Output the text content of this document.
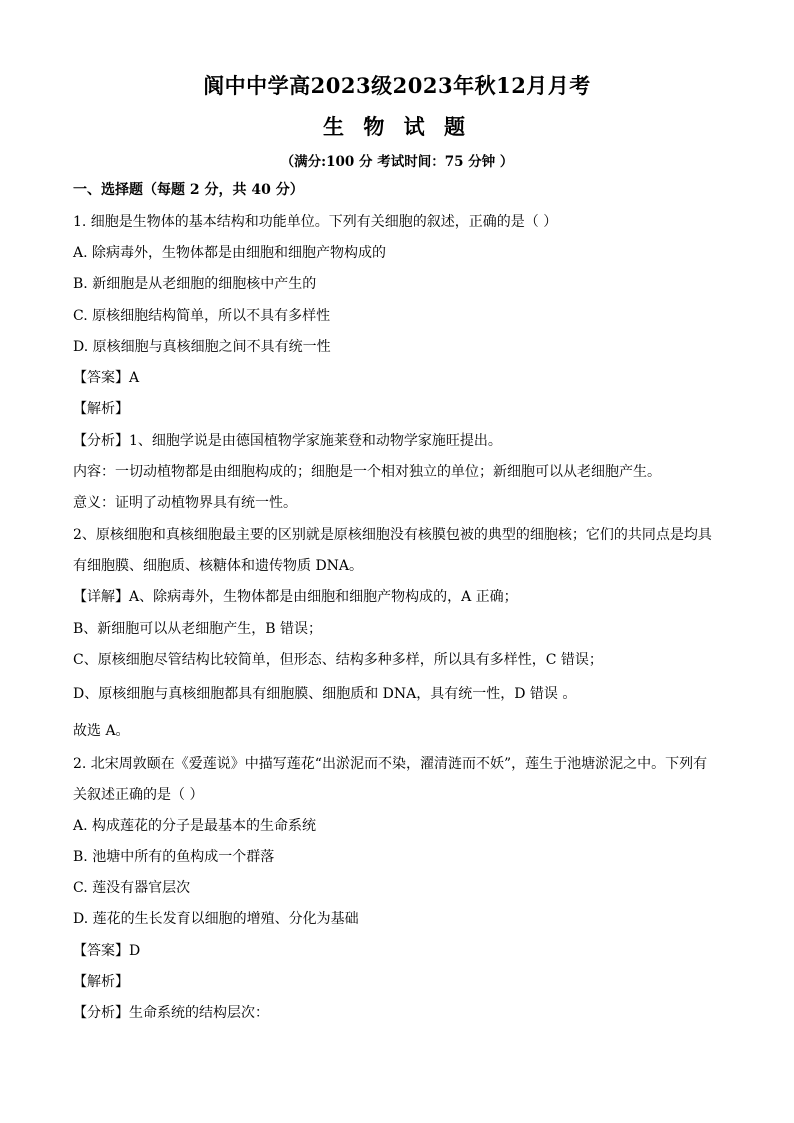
阆中中学高2023级2023年秋12月月考
生 物 试 题
（满分:100 分 考试时间：75 分钟 ）
一、选择题（每题 2 分，共 40 分）
1. 细胞是生物体的基本结构和功能单位。下列有关细胞的叙述，正确的是（ ）
A. 除病毒外，生物体都是由细胞和细胞产物构成的
B. 新细胞是从老细胞的细胞核中产生的
C. 原核细胞结构简单，所以不具有多样性
D. 原核细胞与真核细胞之间不具有统一性
【答案】A
【解析】
【分析】1、细胞学说是由德国植物学家施莱登和动物学家施旺提出。
内容：一切动植物都是由细胞构成的；细胞是一个相对独立的单位；新细胞可以从老细胞产生。
意义：证明了动植物界具有统一性。
2、原核细胞和真核细胞最主要的区别就是原核细胞没有核膜包被的典型的细胞核；它们的共同点是均具
有细胞膜、细胞质、核糖体和遗传物质 DNA。
【详解】A、除病毒外，生物体都是由细胞和细胞产物构成的，A 正确；
B、新细胞可以从老细胞产生，B 错误；
C、原核细胞尽管结构比较简单，但形态、结构多种多样，所以具有多样性，C 错误；
D、原核细胞与真核细胞都具有细胞膜、细胞质和 DNA，具有统一性，D 错误 。
故选 A。
2. 北宋周敦颐在《爱莲说》中描写莲花“出淤泥而不染，濯清涟而不妖”，莲生于池塘淤泥之中。下列有
关叙述正确的是（ ）
A. 构成莲花的分子是最基本的生命系统
B. 池塘中所有的鱼构成一个群落
C. 莲没有器官层次
D. 莲花的生长发育以细胞的增殖、分化为基础
【答案】D
【解析】
【分析】生命系统的结构层次：
